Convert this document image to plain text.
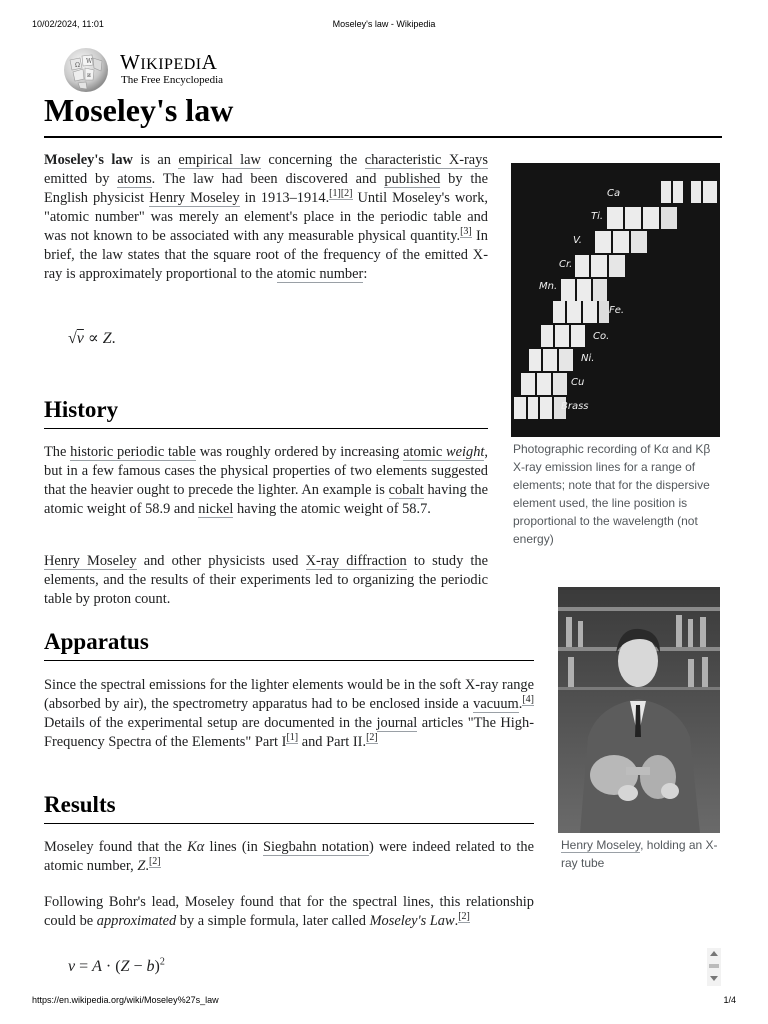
10/02/2024, 11:01	Moseley's law - Wikipedia
Ω
W
и
WIKIPEDIA
The Free Encyclopedia
Moseley's law

Moseley's law is an empirical law concerning the characteristic X-rays emitted by atoms. The law had been discovered and published by the English physicist Henry Moseley in 1913–1914.[1][2] Until Moseley's work, "atomic number" was merely an element's place in the periodic table and was not known to be associated with any measurable physical quantity.[3] In brief, the law states that the square root of the frequency of the emitted X-ray is approximately proportional to the atomic number:

√ν ∝ Z.
History

The historic periodic table was roughly ordered by increasing atomic weight, but in a few famous cases the physical properties of two elements suggested that the heavier ought to precede the lighter. An example is cobalt having the atomic weight of 58.9 and nickel having the atomic weight of 58.7.

Henry Moseley and other physicists used X-ray diffraction to study the elements, and the results of their experiments led to organizing the periodic table by proton count.

Apparatus

Since the spectral emissions for the lighter elements would be in the soft X-ray range (absorbed by air), the spectrometry apparatus had to be enclosed inside a vacuum.[4] Details of the experimental setup are documented in the journal articles "The High-Frequency Spectra of the Elements" Part I[1] and Part II.[2]

Results

Moseley found that the Kα lines (in Siegbahn notation) were indeed related to the atomic number, Z.[2]

Following Bohr's lead, Moseley found that for the spectral lines, this relationship could be approximated by a simple formula, later called Moseley's Law.[2]

$\nu = A \cdot (Z - b)^2$
Ca
Ti.
V.
Cr.
Mn.
Fe.
Co.
Ni.
Cu
Brass
Photographic recording of Kα and Kβ X-ray emission lines for a range of elements; note that for the dispersive element used, the line position is proportional to the wavelength (not energy)
Henry Moseley, holding an X-ray tube
https://en.wikipedia.org/wiki/Moseley%27s_law	1/4
